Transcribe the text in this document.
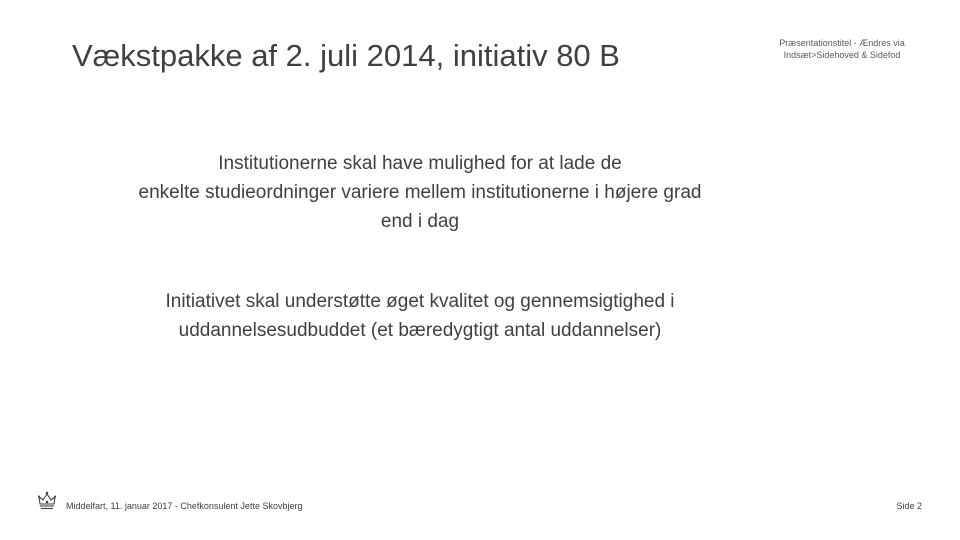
Vækstpakke af 2. juli 2014, initiativ 80 B	Præsentationstitel - Ændres via
Indsæt>Sidehoved & Sidefod
Institutionerne skal have mulighed for at lade de
enkelte studieordninger variere mellem institutionerne i højere grad
end i dag
Initiativet skal understøtte øget kvalitet og gennemsigtighed i
uddannelsesudbuddet (et bæredygtigt antal uddannelser)
Middelfart, 11. januar 2017 - Chefkonsulent Jette Skovbjerg	Side 2
